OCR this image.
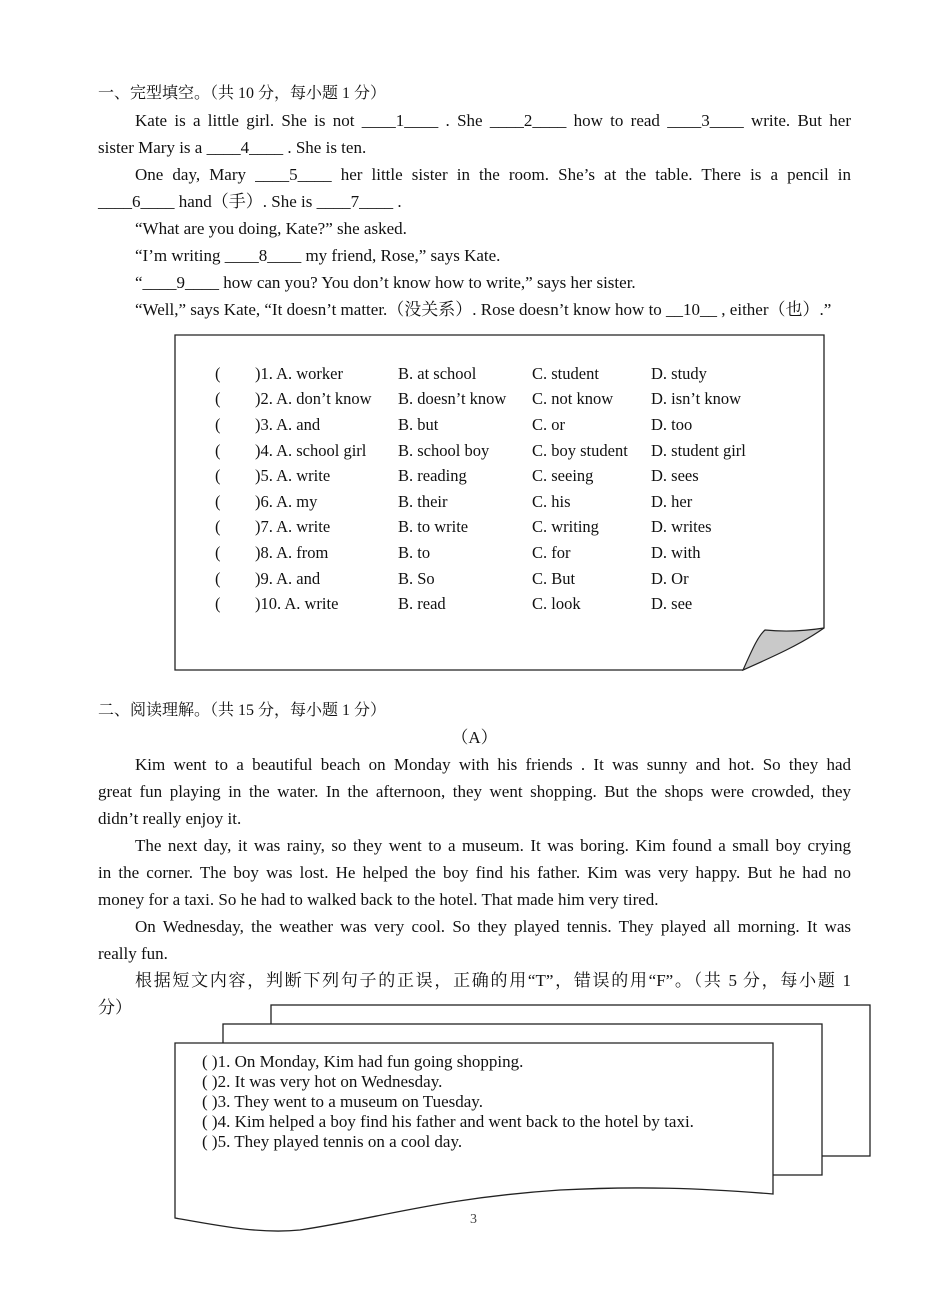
一、完型填空。（共 10 分，每小题 1 分）
Kate is a little girl. She is not ____1____ . She ____2____ how to read ____3____ write. But her
sister Mary is a ____4____ . She is ten.
One day, Mary ____5____ her little sister in the room. She’s at the table. There is a pencil in
____6____ hand（手）. She is ____7____ .
“What are you doing, Kate?” she asked.
“I’m writing ____8____ my friend, Rose,” says Kate.
“____9____ how can you? You don’t know how to write,” says her sister.
“Well,” says Kate, “It doesn’t matter.（没关系）. Rose doesn’t know how to __10__ , either（也）.”
(	)1. A. worker	B. at school	C. student	D. study
(	)2. A. don’t know	B. doesn’t know	C. not know	D. isn’t know
(	)3. A. and	B. but	C. or	D. too
(	)4. A. school girl	B. school boy	C. boy student	D. student girl
(	)5. A. write	B. reading	C. seeing	D. sees
(	)6. A. my	B. their	C. his	D. her
(	)7. A. write	B. to write	C. writing	D. writes
(	)8. A. from	B. to	C. for	D. with
(	)9. A. and	B. So	C. But	D. Or
(	)10. A. write	B. read	C. look	D. see
二、阅读理解。（共 15 分，每小题 1 分）
（A）
Kim went to a beautiful beach on Monday with his friends . It was sunny and hot. So they had
great fun playing in the water. In the afternoon, they went shopping. But the shops were crowded, they
didn’t really enjoy it.
The next day, it was rainy, so they went to a museum. It was boring. Kim found a small boy crying
in the corner. The boy was lost. He helped the boy find his father. Kim was very happy. But he had no
money for a taxi. So he had to walked back to the hotel. That made him very tired.
On Wednesday, the weather was very cool. So they played tennis. They played all morning. It was
really fun.
根据短文内容，判断下列句子的正误，正确的用“T”，错误的用“F”。（共 5 分，每小题 1
分）
3
( )1. On Monday, Kim had fun going shopping.
( )2. It was very hot on Wednesday.
( )3. They went to a museum on Tuesday.
( )4. Kim helped a boy find his father and went back to the hotel by taxi.
( )5. They played tennis on a cool day.
